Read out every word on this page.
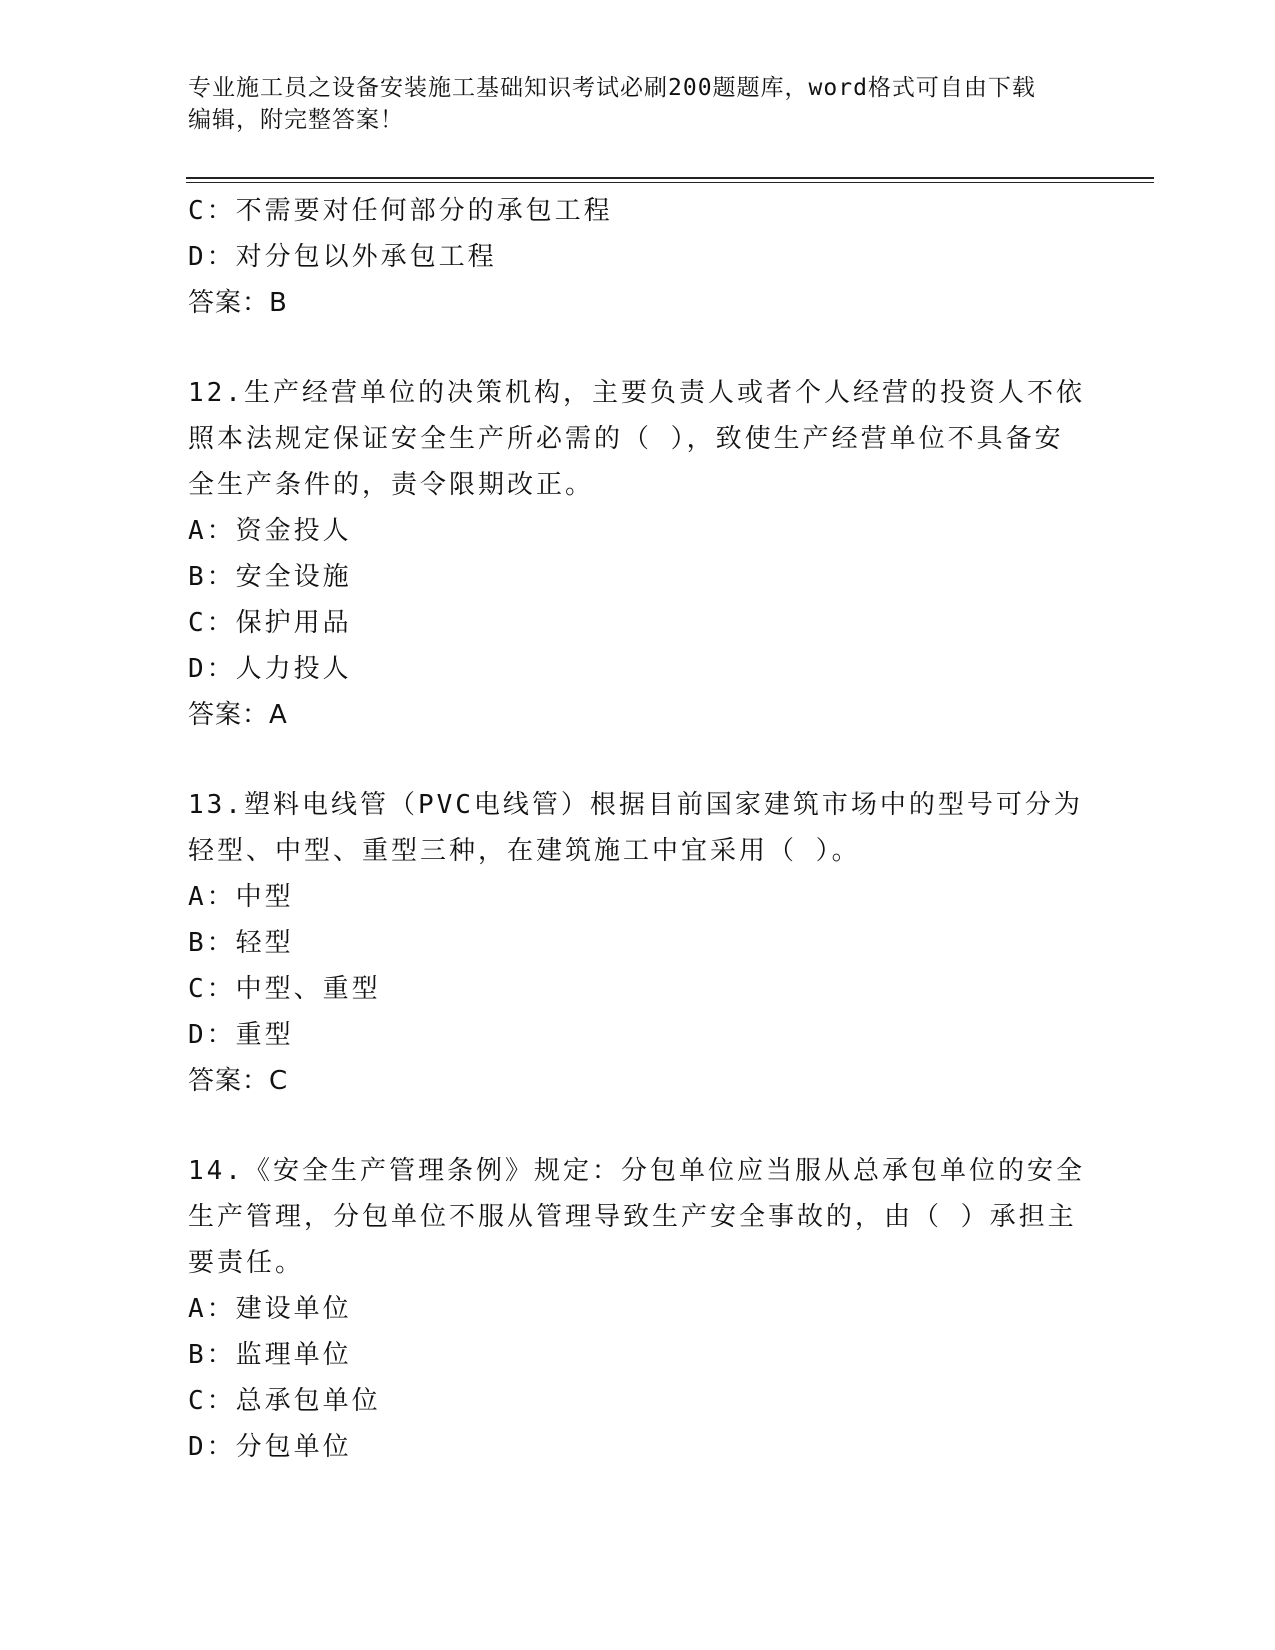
专业施工员之设备安装施工基础知识考试必刷200题题库，word格式可自由下载
编辑，附完整答案！
C：不需要对任何部分的承包工程
D：对分包以外承包工程
答案：B
12.生产经营单位的决策机构，主要负责人或者个人经营的投资人不依
照本法规定保证安全生产所必需的（ ），致使生产经营单位不具备安
全生产条件的，责令限期改正。
A：资金投人
B：安全设施
C：保护用品
D：人力投人
答案：A
13.塑料电线管（PVC电线管）根据目前国家建筑市场中的型号可分为
轻型、中型、重型三种，在建筑施工中宜采用（ ）。
A：中型
B：轻型
C：中型、重型
D：重型
答案：C
14.《安全生产管理条例》规定：分包单位应当服从总承包单位的安全
生产管理，分包单位不服从管理导致生产安全事故的，由（ ）承担主
要责任。
A：建设单位
B：监理单位
C：总承包单位
D：分包单位
